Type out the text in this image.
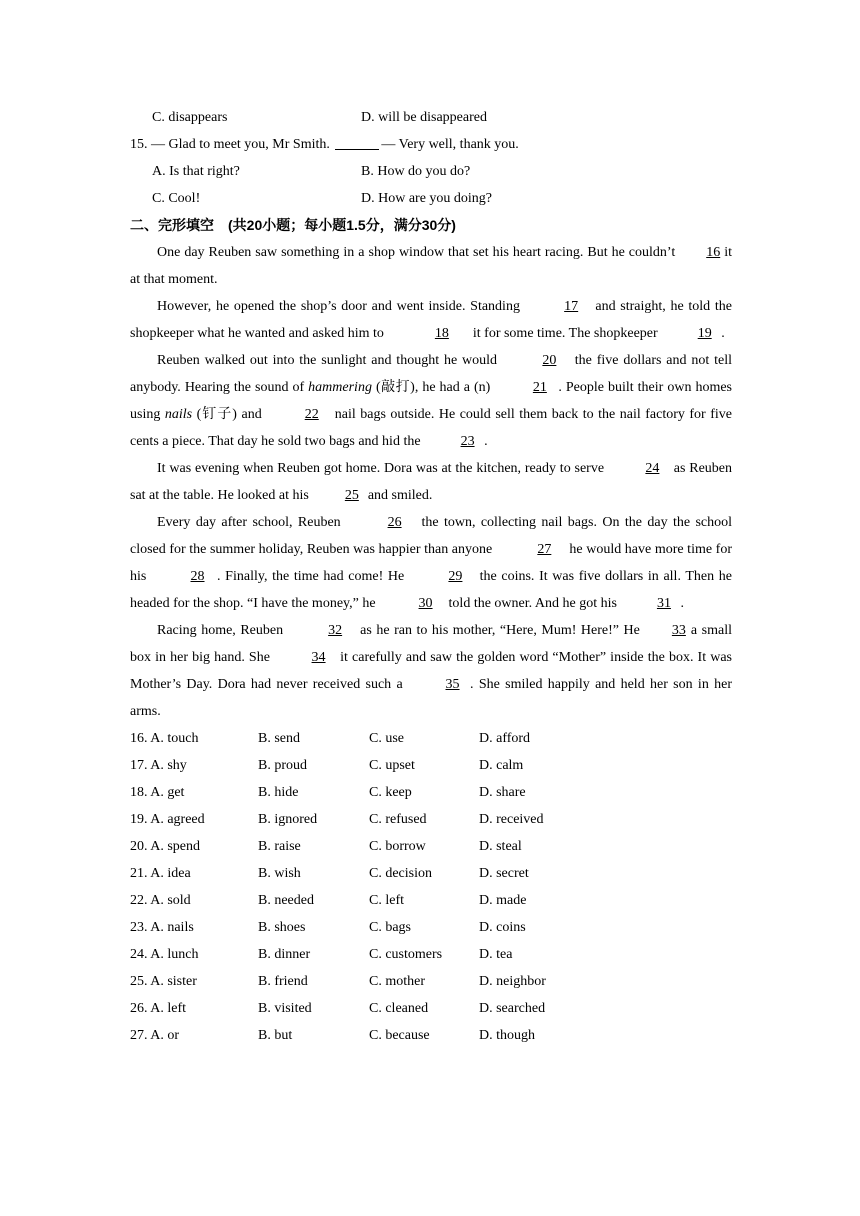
C. disappears	D. will be disappeared
15. — Glad to meet you, Mr Smith.	— Very well, thank you.
A. Is that right?	B. How do you do?
C. Cool!	D. How are you doing?
二、完形填空　(共20小题；每小题1.5分，满分30分)
One day Reuben saw something in a shop window that set his heart racing. But he couldn’t 16 it at that moment.
However, he opened the shop’s door and went inside. Standing	17 and straight, he told the shopkeeper what he wanted and asked him to	18 it for some time. The shopkeeper	19 .
Reuben walked out into the sunlight and thought he would	20 the five dollars and not tell anybody. Hearing the sound of hammering (敲打), he had a (n)	21 . People built their own homes using nails (钉子) and	22 nail bags outside. He could sell them back to the nail factory for five cents a piece. That day he sold two bags and hid the	23 .
It was evening when Reuben got home. Dora was at the kitchen, ready to serve	24 as Reuben sat at the table. He looked at his 25 and smiled.
Every day after school, Reuben	26 the town, collecting nail bags. On the day the school closed for the summer holiday, Reuben was happier than anyone	27 he would have more time for his	28 . Finally, the time had come! He	29 the coins. It was five dollars in all. Then he headed for the shop. “I have the money,” he	30 told the owner. And he got his	31 .
Racing home, Reuben	32 as he ran to his mother, “Here, Mum! Here!” He 33 a small box in her big hand. She	34 it carefully and saw the golden word “Mother” inside the box. It was Mother’s Day. Dora had never received such a	35 . She smiled happily and held her son in her arms.
16. A. touch	B. send	C. use	D. afford
17. A. shy	B. proud	C. upset	D. calm
18. A. get	B. hide	C. keep	D. share
19. A. agreed	B. ignored	C. refused	D. received
20. A. spend	B. raise	C. borrow	D. steal
21. A. idea	B. wish	C. decision	D. secret
22. A. sold	B. needed	C. left	D. made
23. A. nails	B. shoes	C. bags	D. coins
24. A. lunch	B. dinner	C. customers	D. tea
25. A. sister	B. friend	C. mother	D. neighbor
26. A. left	B. visited	C. cleaned	D. searched
27. A. or	B. but	C. because	D. though
